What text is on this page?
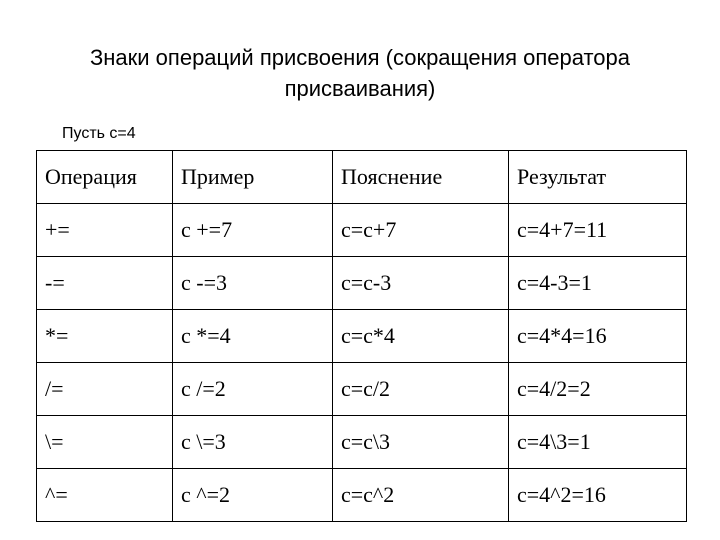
Знаки операций присвоения (сокращения оператора
присваивания)
Пусть с=4
Операция	Пример	Пояснение	Результат
+=	c +=7	c=c+7	c=4+7=11
-=	c -=3	c=c-3	c=4-3=1
*=	c *=4	c=c*4	c=4*4=16
/=	c /=2	c=c/2	c=4/2=2
\=	c \=3	c=c\3	c=4\3=1
^=	c ^=2	c=c^2	c=4^2=16
